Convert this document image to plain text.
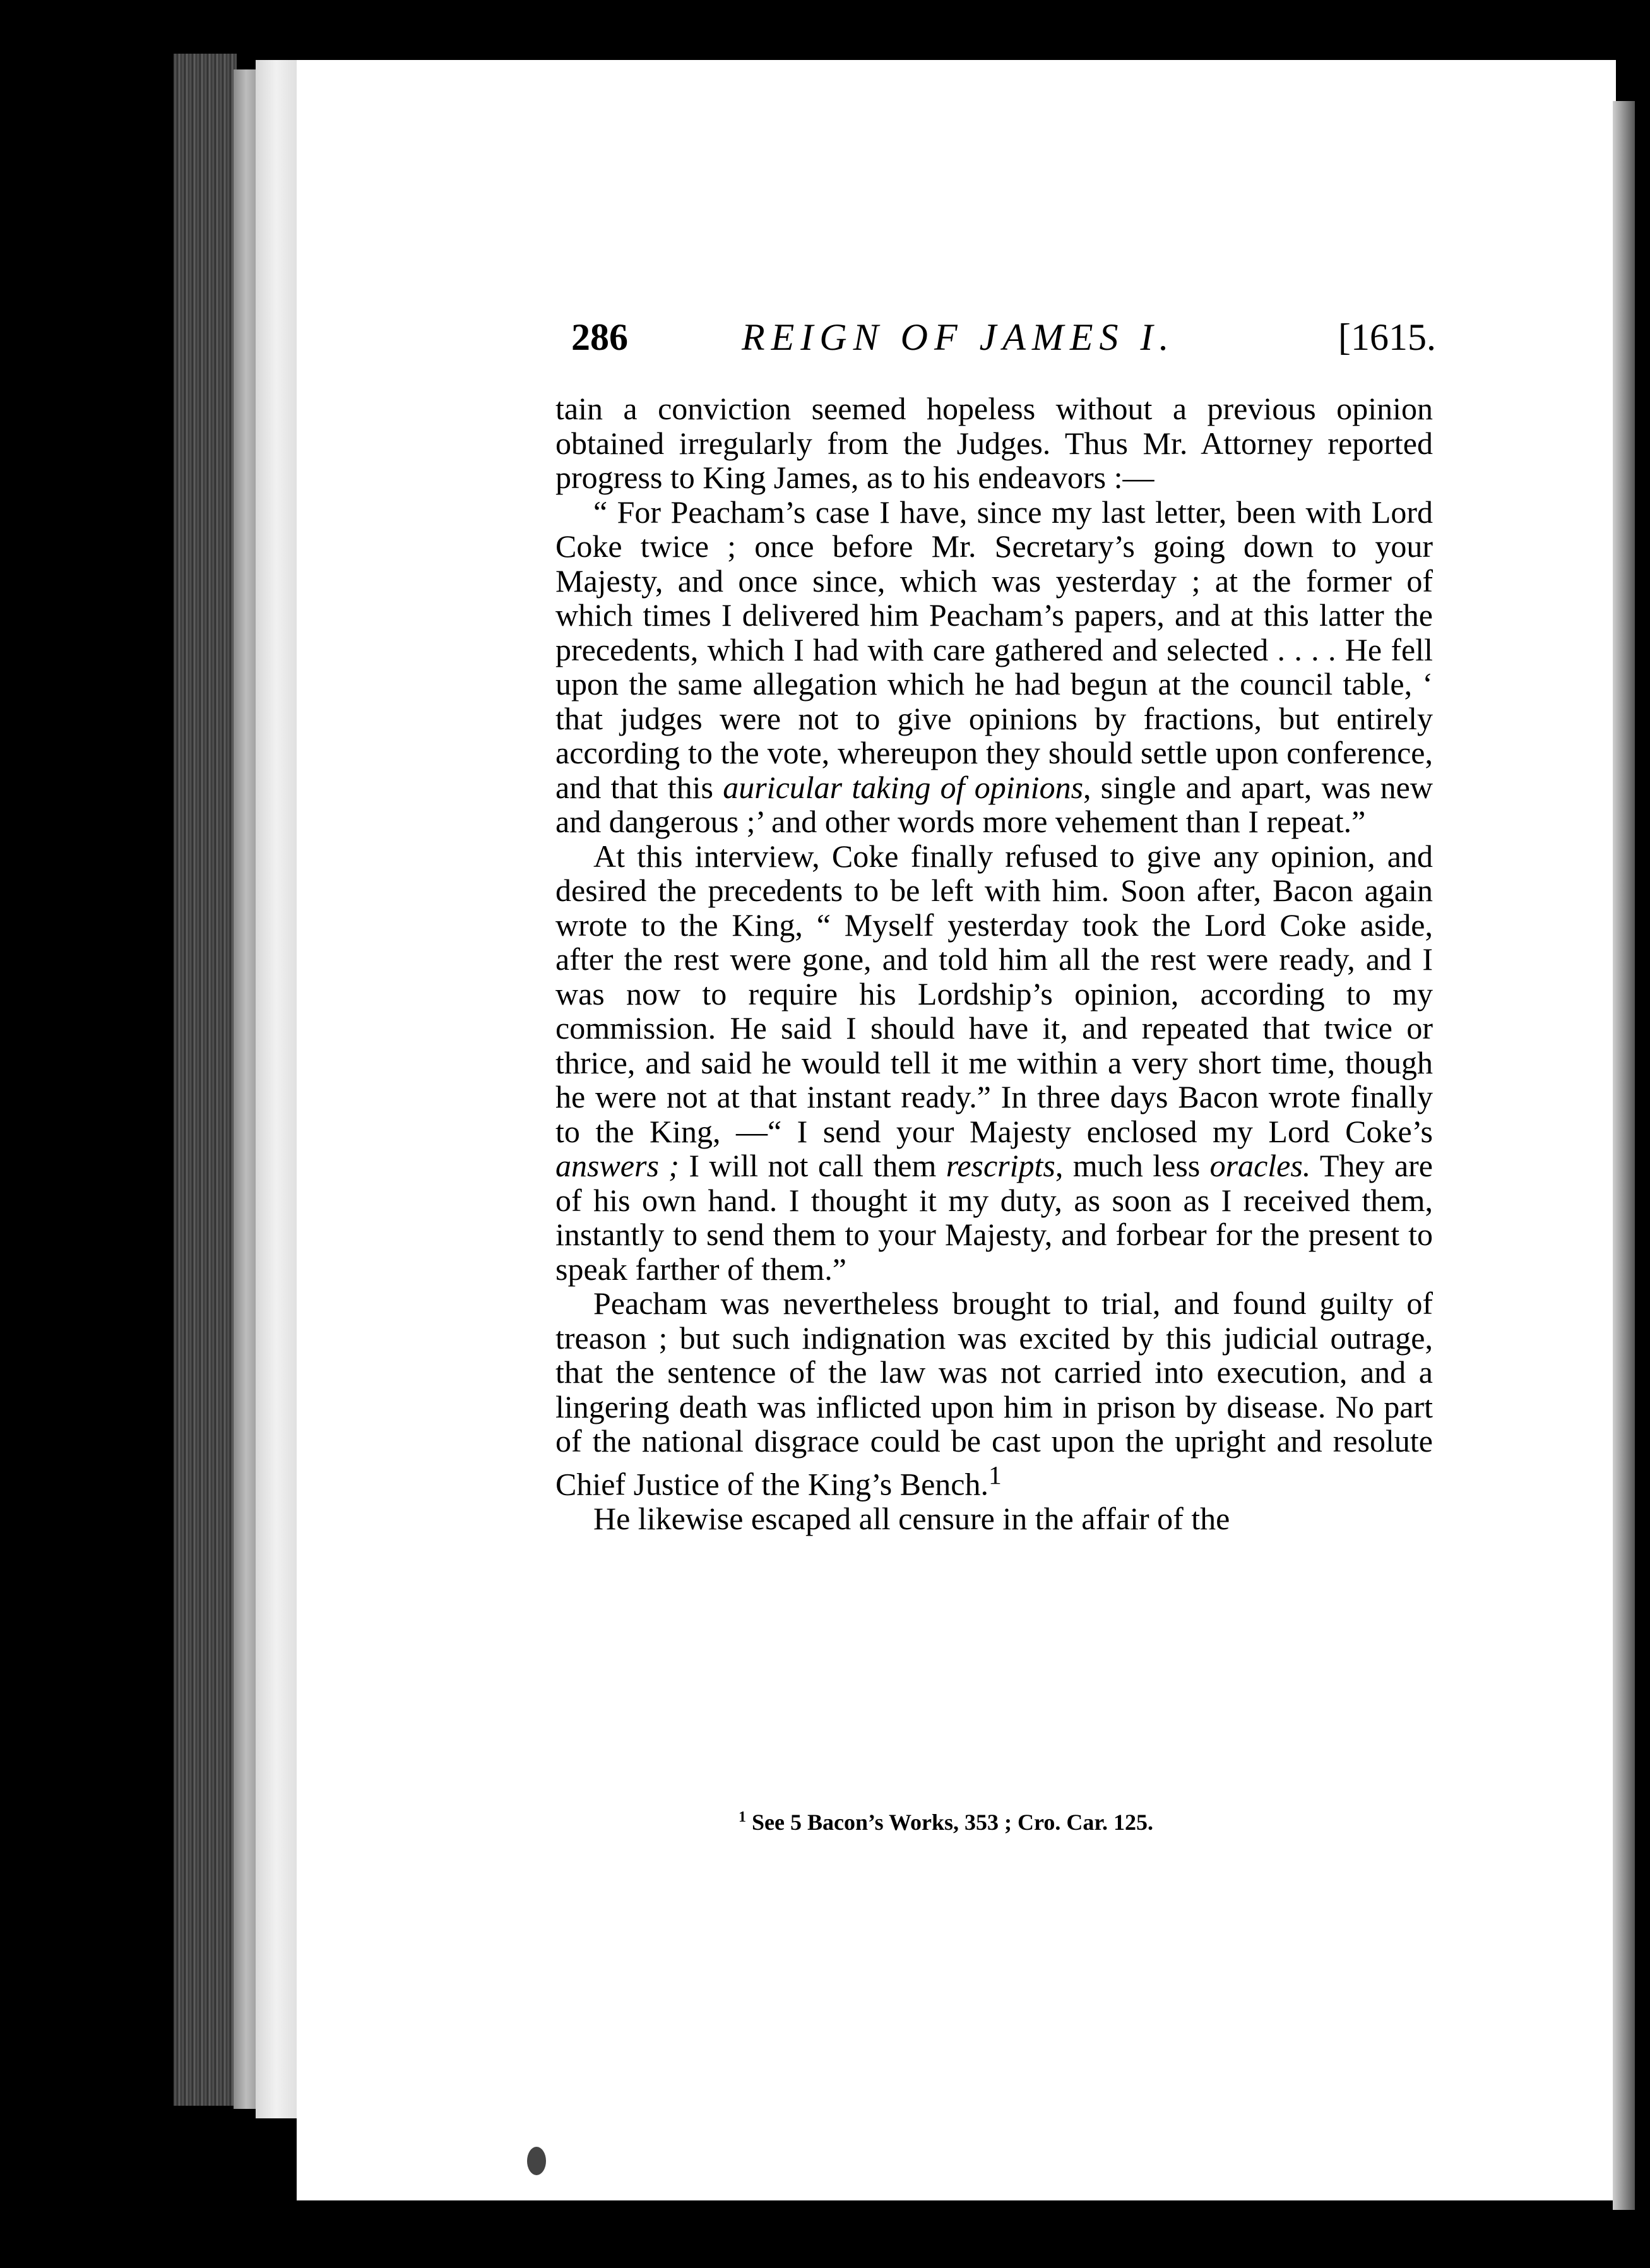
286	REIGN OF JAMES I.	[1615.

tain a conviction seemed hopeless without a previous opinion obtained irregularly from the Judges. Thus Mr. Attorney reported progress to King James, as to his endeavors :—

“ For Peacham’s case I have, since my last letter, been with Lord Coke twice ; once before Mr. Secretary’s going down to your Majesty, and once since, which was yesterday ; at the former of which times I delivered him Peacham’s papers, and at this latter the precedents, which I had with care gathered and selected . . . . He fell upon the same allegation which he had begun at the council table, ‘ that judges were not to give opinions by fractions, but entirely according to the vote, whereupon they should settle upon conference, and that this auricular taking of opinions, single and apart, was new and dangerous ;’ and other words more vehement than I repeat.”

At this interview, Coke finally refused to give any opinion, and desired the precedents to be left with him. Soon after, Bacon again wrote to the King, “ Myself yesterday took the Lord Coke aside, after the rest were gone, and told him all the rest were ready, and I was now to require his Lordship’s opinion, according to my commission. He said I should have it, and repeated that twice or thrice, and said he would tell it me within a very short time, though he were not at that instant ready.” In three days Bacon wrote finally to the King, —“ I send your Majesty enclosed my Lord Coke’s answers ; I will not call them rescripts, much less oracles. They are of his own hand. I thought it my duty, as soon as I received them, instantly to send them to your Majesty, and forbear for the present to speak farther of them.”

Peacham was nevertheless brought to trial, and found guilty of treason ; but such indignation was excited by this judicial outrage, that the sentence of the law was not carried into execution, and a lingering death was inflicted upon him in prison by disease. No part of the national disgrace could be cast upon the upright and resolute Chief Justice of the King’s Bench.$^1$

He likewise escaped all censure in the affair of the

$^1$ See 5 Bacon’s Works, 353 ; Cro. Car. 125.
